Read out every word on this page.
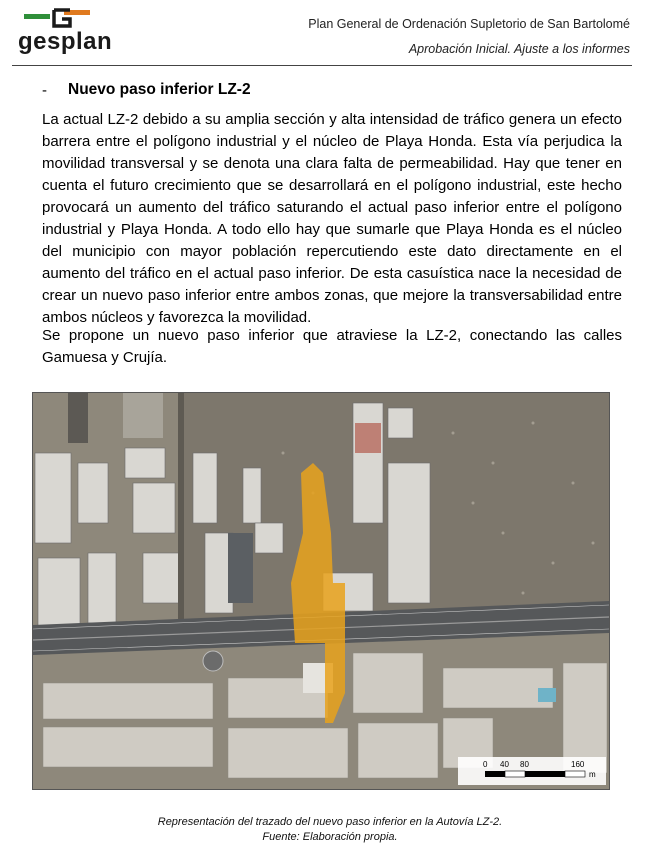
gesplan
Plan General de Ordenación Supletorio de San Bartolomé
Aprobación Inicial. Ajuste a los informes
- Nuevo paso inferior LZ-2

La actual LZ-2 debido a su amplia sección y alta intensidad de tráfico genera un efecto barrera entre el polígono industrial y el núcleo de Playa Honda. Esta vía perjudica la movilidad transversal y se denota una clara falta de permeabilidad. Hay que tener en cuenta el futuro crecimiento que se desarrollará en el polígono industrial, este hecho provocará un aumento del tráfico saturando el actual paso inferior entre el polígono industrial y Playa Honda. A todo ello hay que sumarle que Playa Honda es el núcleo del municipio con mayor población repercutiendo este dato directamente en el aumento del tráfico en el actual paso inferior. De esta casuística nace la necesidad de crear un nuevo paso inferior entre ambos zonas, que mejore la transversabilidad entre ambos núcleos y favorezca la movilidad.

Se propone un nuevo paso inferior que atraviese la LZ-2, conectando las calles Gamuesa y Crujía.

0 40 80	160
m
Representación del trazado del nuevo paso inferior en la Autovía LZ-2.
Fuente: Elaboración propia.
